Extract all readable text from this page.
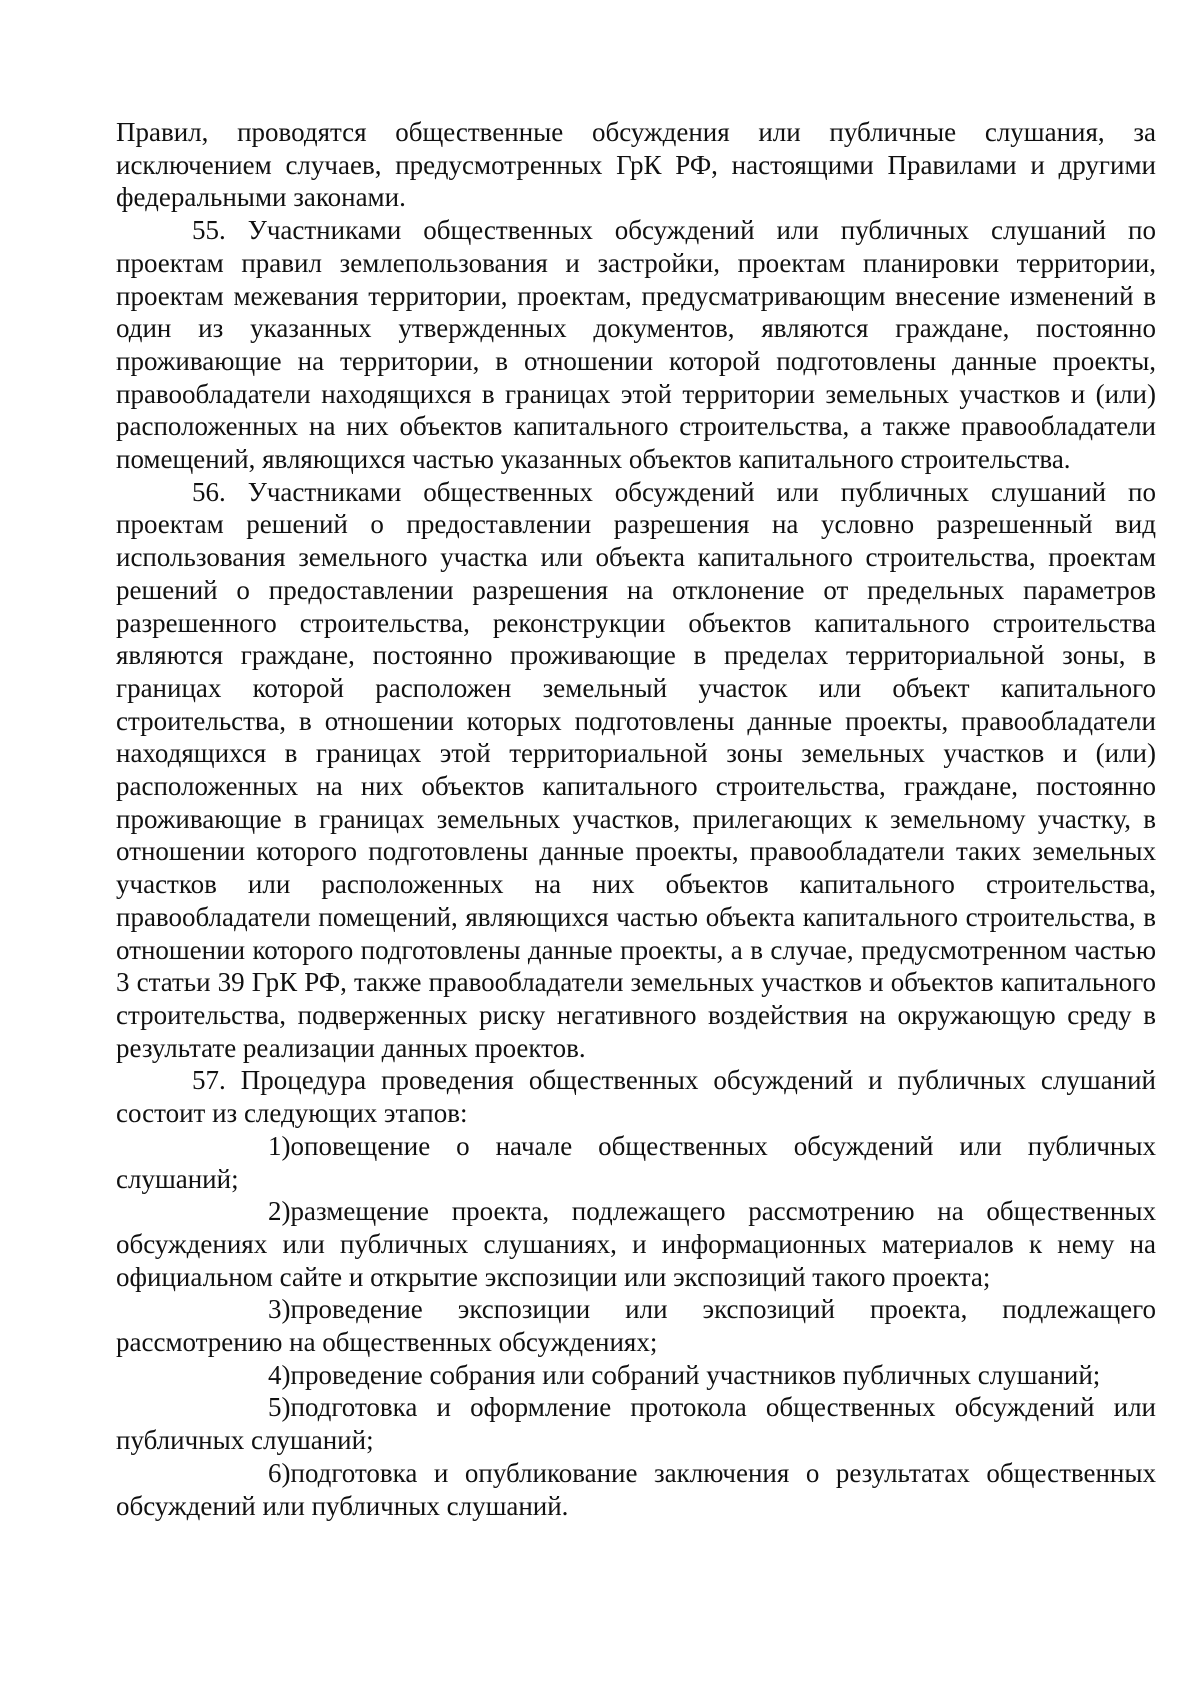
Правил, проводятся общественные обсуждения или публичные слушания, за исключением случаев, предусмотренных ГрК РФ, настоящими Правилами и другими федеральными законами.

55. Участниками общественных обсуждений или публичных слушаний по проектам правил землепользования и застройки, проектам планировки территории, проектам межевания территории, проектам, предусматривающим внесение изменений в один из указанных утвержденных документов, являются граждане, постоянно проживающие на территории, в отношении которой подготовлены данные проекты, правообладатели находящихся в границах этой территории земельных участков и (или) расположенных на них объектов капитального строительства, а также правообладатели помещений, являющихся частью указанных объектов капитального строительства.

56. Участниками общественных обсуждений или публичных слушаний по проектам решений о предоставлении разрешения на условно разрешенный вид использования земельного участка или объекта капитального строительства, проектам решений о предоставлении разрешения на отклонение от предельных параметров разрешенного строительства, реконструкции объектов капитального строительства являются граждане, постоянно проживающие в пределах территориальной зоны, в границах которой расположен земельный участок или объект капитального строительства, в отношении которых подготовлены данные проекты, правообладатели находящихся в границах этой территориальной зоны земельных участков и (или) расположенных на них объектов капитального строительства, граждане, постоянно проживающие в границах земельных участков, прилегающих к земельному участку, в отношении которого подготовлены данные проекты, правообладатели таких земельных участков или расположенных на них объектов капитального строительства, правообладатели помещений, являющихся частью объекта капитального строительства, в отношении которого подготовлены данные проекты, а в случае, предусмотренном частью 3 статьи 39 ГрК РФ, также правообладатели земельных участков и объектов капитального строительства, подверженных риску негативного воздействия на окружающую среду в результате реализации данных проектов.

57. Процедура проведения общественных обсуждений и публичных слушаний состоит из следующих этапов:

1)оповещение о начале общественных обсуждений или публичных слушаний;

2)размещение проекта, подлежащего рассмотрению на общественных обсуждениях или публичных слушаниях, и информационных материалов к нему на официальном сайте и открытие экспозиции или экспозиций такого проекта;

3)проведение экспозиции или экспозиций проекта, подлежащего рассмотрению на общественных обсуждениях;

4)проведение собрания или собраний участников публичных слушаний;

5)подготовка и оформление протокола общественных обсуждений или публичных слушаний;

6)подготовка и опубликование заключения о результатах общественных обсуждений или публичных слушаний.
